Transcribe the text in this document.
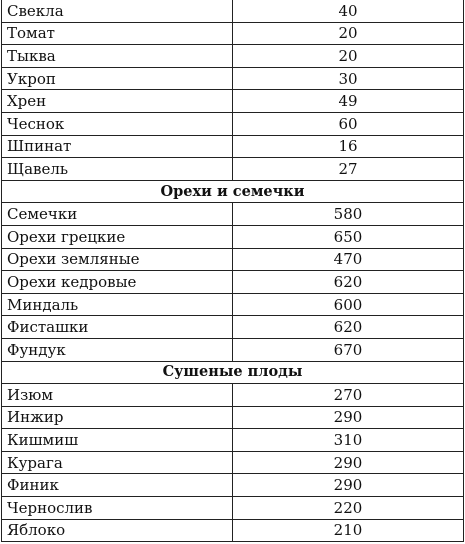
Свекла	40
Томат	20
Тыква	20
Укроп	30
Хрен	49
Чеснок	60
Шпинат	16
Щавель	27
Орехи и семечки	
Семечки	580
Орехи грецкие	650
Орехи земляные	470
Орехи кедровые	620
Миндаль	600
Фисташки	620
Фундук	670
Сушеные плоды	
Изюм	270
Инжир	290
Кишмиш	310
Курага	290
Финик	290
Чернослив	220
Яблоко	210
